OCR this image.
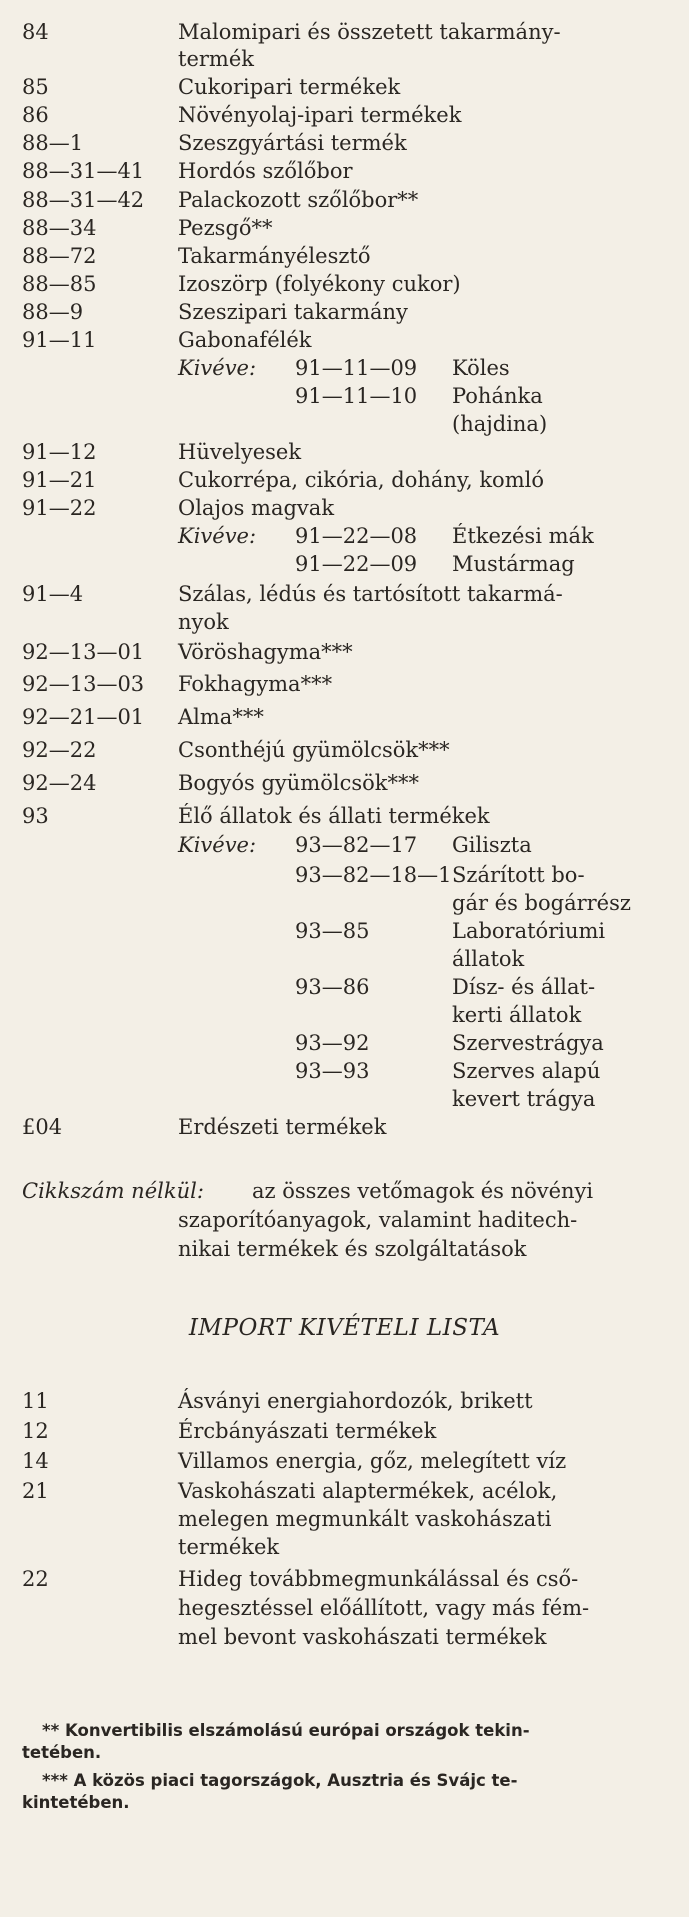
84	Malomipari és összetett takarmány-
termék
85	Cukoripari termékek
86	Növényolaj-ipari termékek
88—1	Szeszgyártási termék
88—31—41 Hordós szőlőbor
88—31—42 Palackozott szőlőbor**
88—34	Pezsgő**
88—72	Takarmányélesztő
88—85	Izoszörp (folyékony cukor)
88—9	Szeszipari takarmány
91—11	Gabonafélék
Kivéve: 91—11—09 Köles
91—11—10 Pohánka
(hajdina)
91—12	Hüvelyesek
91—21	Cukorrépa, cikória, dohány, komló
91—22	Olajos magvak
Kivéve: 91—22—08 Étkezési mák
91—22—09 Mustármag
91—4	Szálas, lédús és tartósított takarmá-
nyok
92—13—01 Vöröshagyma***
92—13—03 Fokhagyma***
92—21—01 Alma***
92—22	Csonthéjú gyümölcsök***
92—24	Bogyós gyümölcsök***
93	Élő állatok és állati termékek
Kivéve: 93—82—17 Giliszta
93—82—18—1 Szárított bo-
gár és bogárrész
93—85	Laboratóriumi
állatok
93—86	Dísz- és állat-
kerti állatok
93—92	Szervestrágya
93—93	Szerves alapú
kevert trágya
£04	Erdészeti termékek
Cikkszám nélkül: az összes vetőmagok és növényi
szaporítóanyagok, valamint haditech-
nikai termékek és szolgáltatások
IMPORT KIVÉTELI LISTA
11	Ásványi energiahordozók, brikett
12	Ércbányászati termékek
14	Villamos energia, gőz, melegített víz
21	Vaskohászati alaptermékek, acélok,
melegen megmunkált vaskohászati
termékek
22	Hideg továbbmegmunkálással és cső-
hegesztéssel előállított, vagy más fém-
mel bevont vaskohászati termékek
** Konvertibilis elszámolású európai országok tekin-
tetében.
*** A közös piaci tagországok, Ausztria és Svájc te-
kintetében.
